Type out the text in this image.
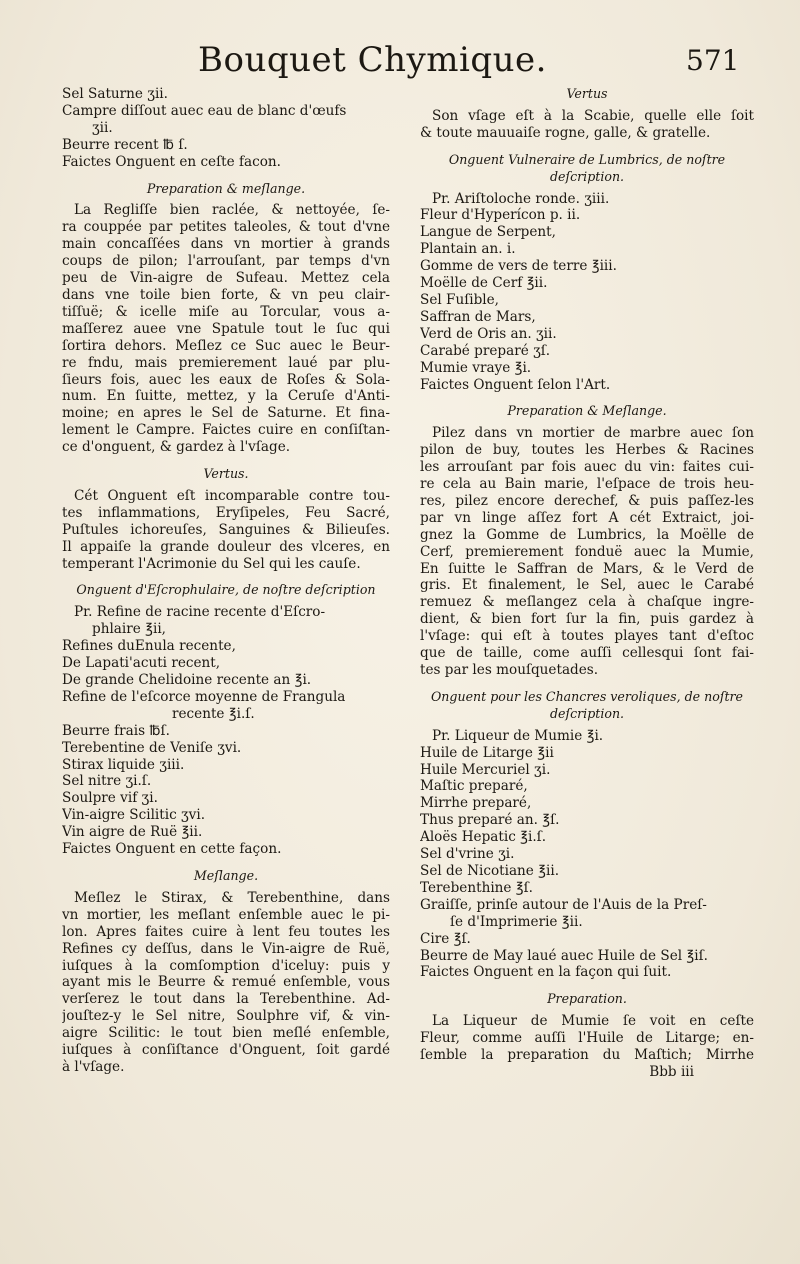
Bouquet Chymique.	571
Sel Saturne ʒii.
Campre diſſout auec eau de blanc d'œufs
ʒii.
Beurre recent ℔ ſ.
Faictes Onguent en ceſte facon.
Preparation & meſlange.
La Regliſſe bien raclée, & nettoyée, ſe-
ra couppée par petites taleoles, & tout d'vne
main concaſſées dans vn mortier à grands
coups de pilon; l'arrouſant, par temps d'vn
peu de Vin-aigre de Sufeau. Mettez cela
dans vne toile bien forte, & vn peu clair-
tiſſuë; & icelle miſe au Torcular, vous a-
maſſerez auee vne Spatule tout le ſuc qui
ſortira dehors. Meſlez ce Suc auec le Beur-
re fndu, mais premierement laué par plu-
ſieurs fois, auec les eaux de Roſes & Sola-
num. En ſuitte, mettez, y la Ceruſe d'Anti-
moine; en apres le Sel de Saturne. Et fina-
lement le Campre. Faictes cuire en conſiſtan-
ce d'onguent, & gardez à l'vſage.
Vertus.
Cét Onguent eſt incomparable contre tou-
tes inflammations, Eryſipeles, Feu Sacré,
Puſtules ichoreuſes, Sanguines & Bilieuſes.
Il appaiſe la grande douleur des vlceres, en
temperant l'Acrimonie du Sel qui les cauſe.
Onguent d'Eſcrophulaire, de noſtre deſcription
Pr. Refine de racine recente d'Eſcro-
phlaire ℥ii,
Refines duEnula recente,
De Lapati'acuti recent,
De grande Chelidoine recente an ℥i.
Refine de l'eſcorce moyenne de Frangula
recente ℥i.ſ.
Beurre frais ℔ſ.
Terebentine de Veniſe ʒvi.
Stirax liquide ʒiii.
Sel nitre ʒi.ſ.
Soulpre vif ʒi.
Vin-aigre Scilitic ʒvi.
Vin aigre de Ruë ℥ii.
Faictes Onguent en cette façon.
Meſlange.
Meſlez le Stirax, & Terebenthine, dans
vn mortier, les meſlant enſemble auec le pi-
lon. Apres faites cuire à lent feu toutes les
Refines cy deſſus, dans le Vin-aigre de Ruë,
iuſques à la comſomption d'iceluy: puis y
ayant mis le Beurre & remué enſemble, vous
verſerez le tout dans la Terebenthine. Ad-
jouſtez-y le Sel nitre, Soulphre vif, & vin-
aigre Scilitic: le tout bien meſlé enſemble,
iuſques à conſiſtance d'Onguent, ſoit gardé
à l'vſage.
Vertus
Son vſage eſt à la Scabie, quelle elle ſoit
& toute mauuaiſe rogne, galle, & gratelle.
Onguent Vulneraire de Lumbrics, de noſtre
deſcription.
Pr. Ariſtoloche ronde. ʒiii.
Fleur d'Hyperícon p. ii.
Langue de Serpent,
Plantain an. i.
Gomme de vers de terre ℥iii.
Moëlle de Cerf ℥ii.
Sel Fuſible,
Saffran de Mars,
Verd de Oris an. ʒii.
Carabé preparé ʒſ.
Mumie vraye ℥i.
Faictes Onguent ſelon l'Art.
Preparation & Meſlange.
Pilez dans vn mortier de marbre auec ſon
pilon de buy, toutes les Herbes & Racines
les arrouſant par fois auec du vin: faites cui-
re cela au Bain marie, l'eſpace de trois heu-
res, pilez encore derechef, & puis paſſez-les
par vn linge aſſez fort A cét Extraict, joi-
gnez la Gomme de Lumbrics, la Moëlle de
Cerf, premierement fonduë auec la Mumie,
En ſuitte le Saffran de Mars, & le Verd de
gris. Et finalement, le Sel, auec le Carabé
remuez & meſlangez cela à chaſque ingre-
dient, & bien fort ſur la fin, puis gardez à
l'vſage: qui eſt à toutes playes tant d'eſtoc
que de taille, come auſſi cellesqui ſont fai-
tes par les mouſquetades.
Onguent pour les Chancres veroliques, de noſtre
deſcription.
Pr. Liqueur de Mumie ℥i.
Huile de Litarge ℥ii
Huile Mercuriel ʒi.
Maſtic preparé,
Mirrhe preparé,
Thus preparé an. ℥ſ.
Aloës Hepatic ℥i.ſ.
Sel d'vrine ʒi.
Sel de Nicotiane ℥ii.
Terebenthine ℥ſ.
Graiſſe, prinſe autour de l'Auis de la Preſ-
ſe d'Imprimerie ℥ii.
Cire ℥ſ.
Beurre de May laué auec Huile de Sel ℥iſ.
Faictes Onguent en la façon qui ſuit.
Preparation.
La Liqueur de Mumie ſe voit en ceſte
Fleur, comme auſſi l'Huile de Litarge; en-
ſemble la preparation du Maſtich; Mirrhe
Bbb iii
